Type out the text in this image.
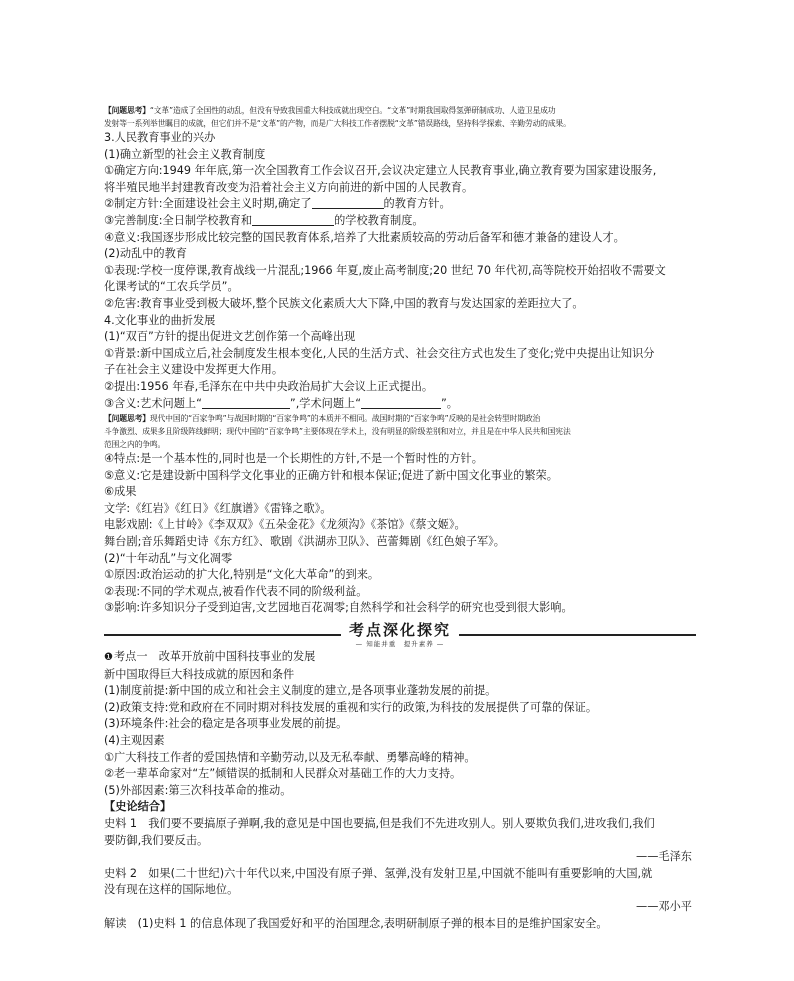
【问题思考】“文革”造成了全国性的动乱，但没有导致我国重大科技成就出现空白。“文革”时期我国取得氢弹研制成功、人造卫星成功
发射等一系列举世瞩目的成就，但它们并不是“文革”的产物，而是广大科技工作者摆脱“文革”错误路线，坚持科学探索、辛勤劳动的成果。
3.人民教育事业的兴办
(1)确立新型的社会主义教育制度
①确定方向:1949 年年底,第一次全国教育工作会议召开,会议决定建立人民教育事业,确立教育要为国家建设服务,
将半殖民地半封建教育改变为沿着社会主义方向前进的新中国的人民教育。
②制定方针:全面建设社会主义时期,确定了	的教育方针。
③完善制度:全日制学校教育和	的学校教育制度。
④意义:我国逐步形成比较完整的国民教育体系,培养了大批素质较高的劳动后备军和德才兼备的建设人才。
(2)动乱中的教育
①表现:学校一度停课,教育战线一片混乱;1966 年夏,废止高考制度;20 世纪 70 年代初,高等院校开始招收不需要文
化课考试的“工农兵学员”。
②危害:教育事业受到极大破坏,整个民族文化素质大大下降,中国的教育与发达国家的差距拉大了。
4.文化事业的曲折发展
(1)“双百”方针的提出促进文艺创作第一个高峰出现
①背景:新中国成立后,社会制度发生根本变化,人民的生活方式、社会交往方式也发生了变化;党中央提出让知识分
子在社会主义建设中发挥更大作用。
②提出:1956 年春,毛泽东在中共中央政治局扩大会议上正式提出。
③含义:艺术问题上“	”,学术问题上“	”。
【问题思考】现代中国的“百家争鸣”与战国时期的“百家争鸣”的本质并不相同。战国时期的“百家争鸣”反映的是社会转型时期政治
斗争激烈、成果多且阶级阵线鲜明；现代中国的“百家争鸣”主要体现在学术上，没有明显的阶级差别和对立，并且是在中华人民共和国宪法
范围之内的争鸣。
④特点:是一个基本性的,同时也是一个长期性的方针,不是一个暂时性的方针。
⑤意义:它是建设新中国科学文化事业的正确方针和根本保证;促进了新中国文化事业的繁荣。
⑥成果
文学:《红岩》《红日》《红旗谱》《雷锋之歌》。
电影戏剧:《上甘岭》《李双双》《五朵金花》《龙须沟》《茶馆》《蔡文姬》。
舞台剧;音乐舞蹈史诗《东方红》、歌剧《洪湖赤卫队》、芭蕾舞剧《红色娘子军》。
(2)“十年动乱”与文化凋零
①原因:政治运动的扩大化,特别是“文化大革命”的到来。
②表现:不同的学术观点,被看作代表不同的阶级利益。
③影响:许多知识分子受到迫害,文艺园地百花凋零;自然科学和社会科学的研究也受到很大影响。
考点深化探究
— 知能并重　提升素养 —
❶考点一　改革开放前中国科技事业的发展
新中国取得巨大科技成就的原因和条件
(1)制度前提:新中国的成立和社会主义制度的建立,是各项事业蓬勃发展的前提。
(2)政策支持:党和政府在不同时期对科技发展的重视和实行的政策,为科技的发展提供了可靠的保证。
(3)环境条件:社会的稳定是各项事业发展的前提。
(4)主观因素
①广大科技工作者的爱国热情和辛勤劳动,以及无私奉献、勇攀高峰的精神。
②老一辈革命家对“左”倾错误的抵制和人民群众对基础工作的大力支持。
(5)外部因素:第三次科技革命的推动。
【史论结合】
史料 1　我们要不要搞原子弹啊,我的意见是中国也要搞,但是我们不先进攻别人。别人要欺负我们,进攻我们,我们
要防御,我们要反击。
——毛泽东
史料 2　如果(二十世纪)六十年代以来,中国没有原子弹、氢弹,没有发射卫星,中国就不能叫有重要影响的大国,就
没有现在这样的国际地位。
——邓小平
解读　(1)史料 1 的信息体现了我国爱好和平的治国理念,表明研制原子弹的根本目的是维护国家安全。
